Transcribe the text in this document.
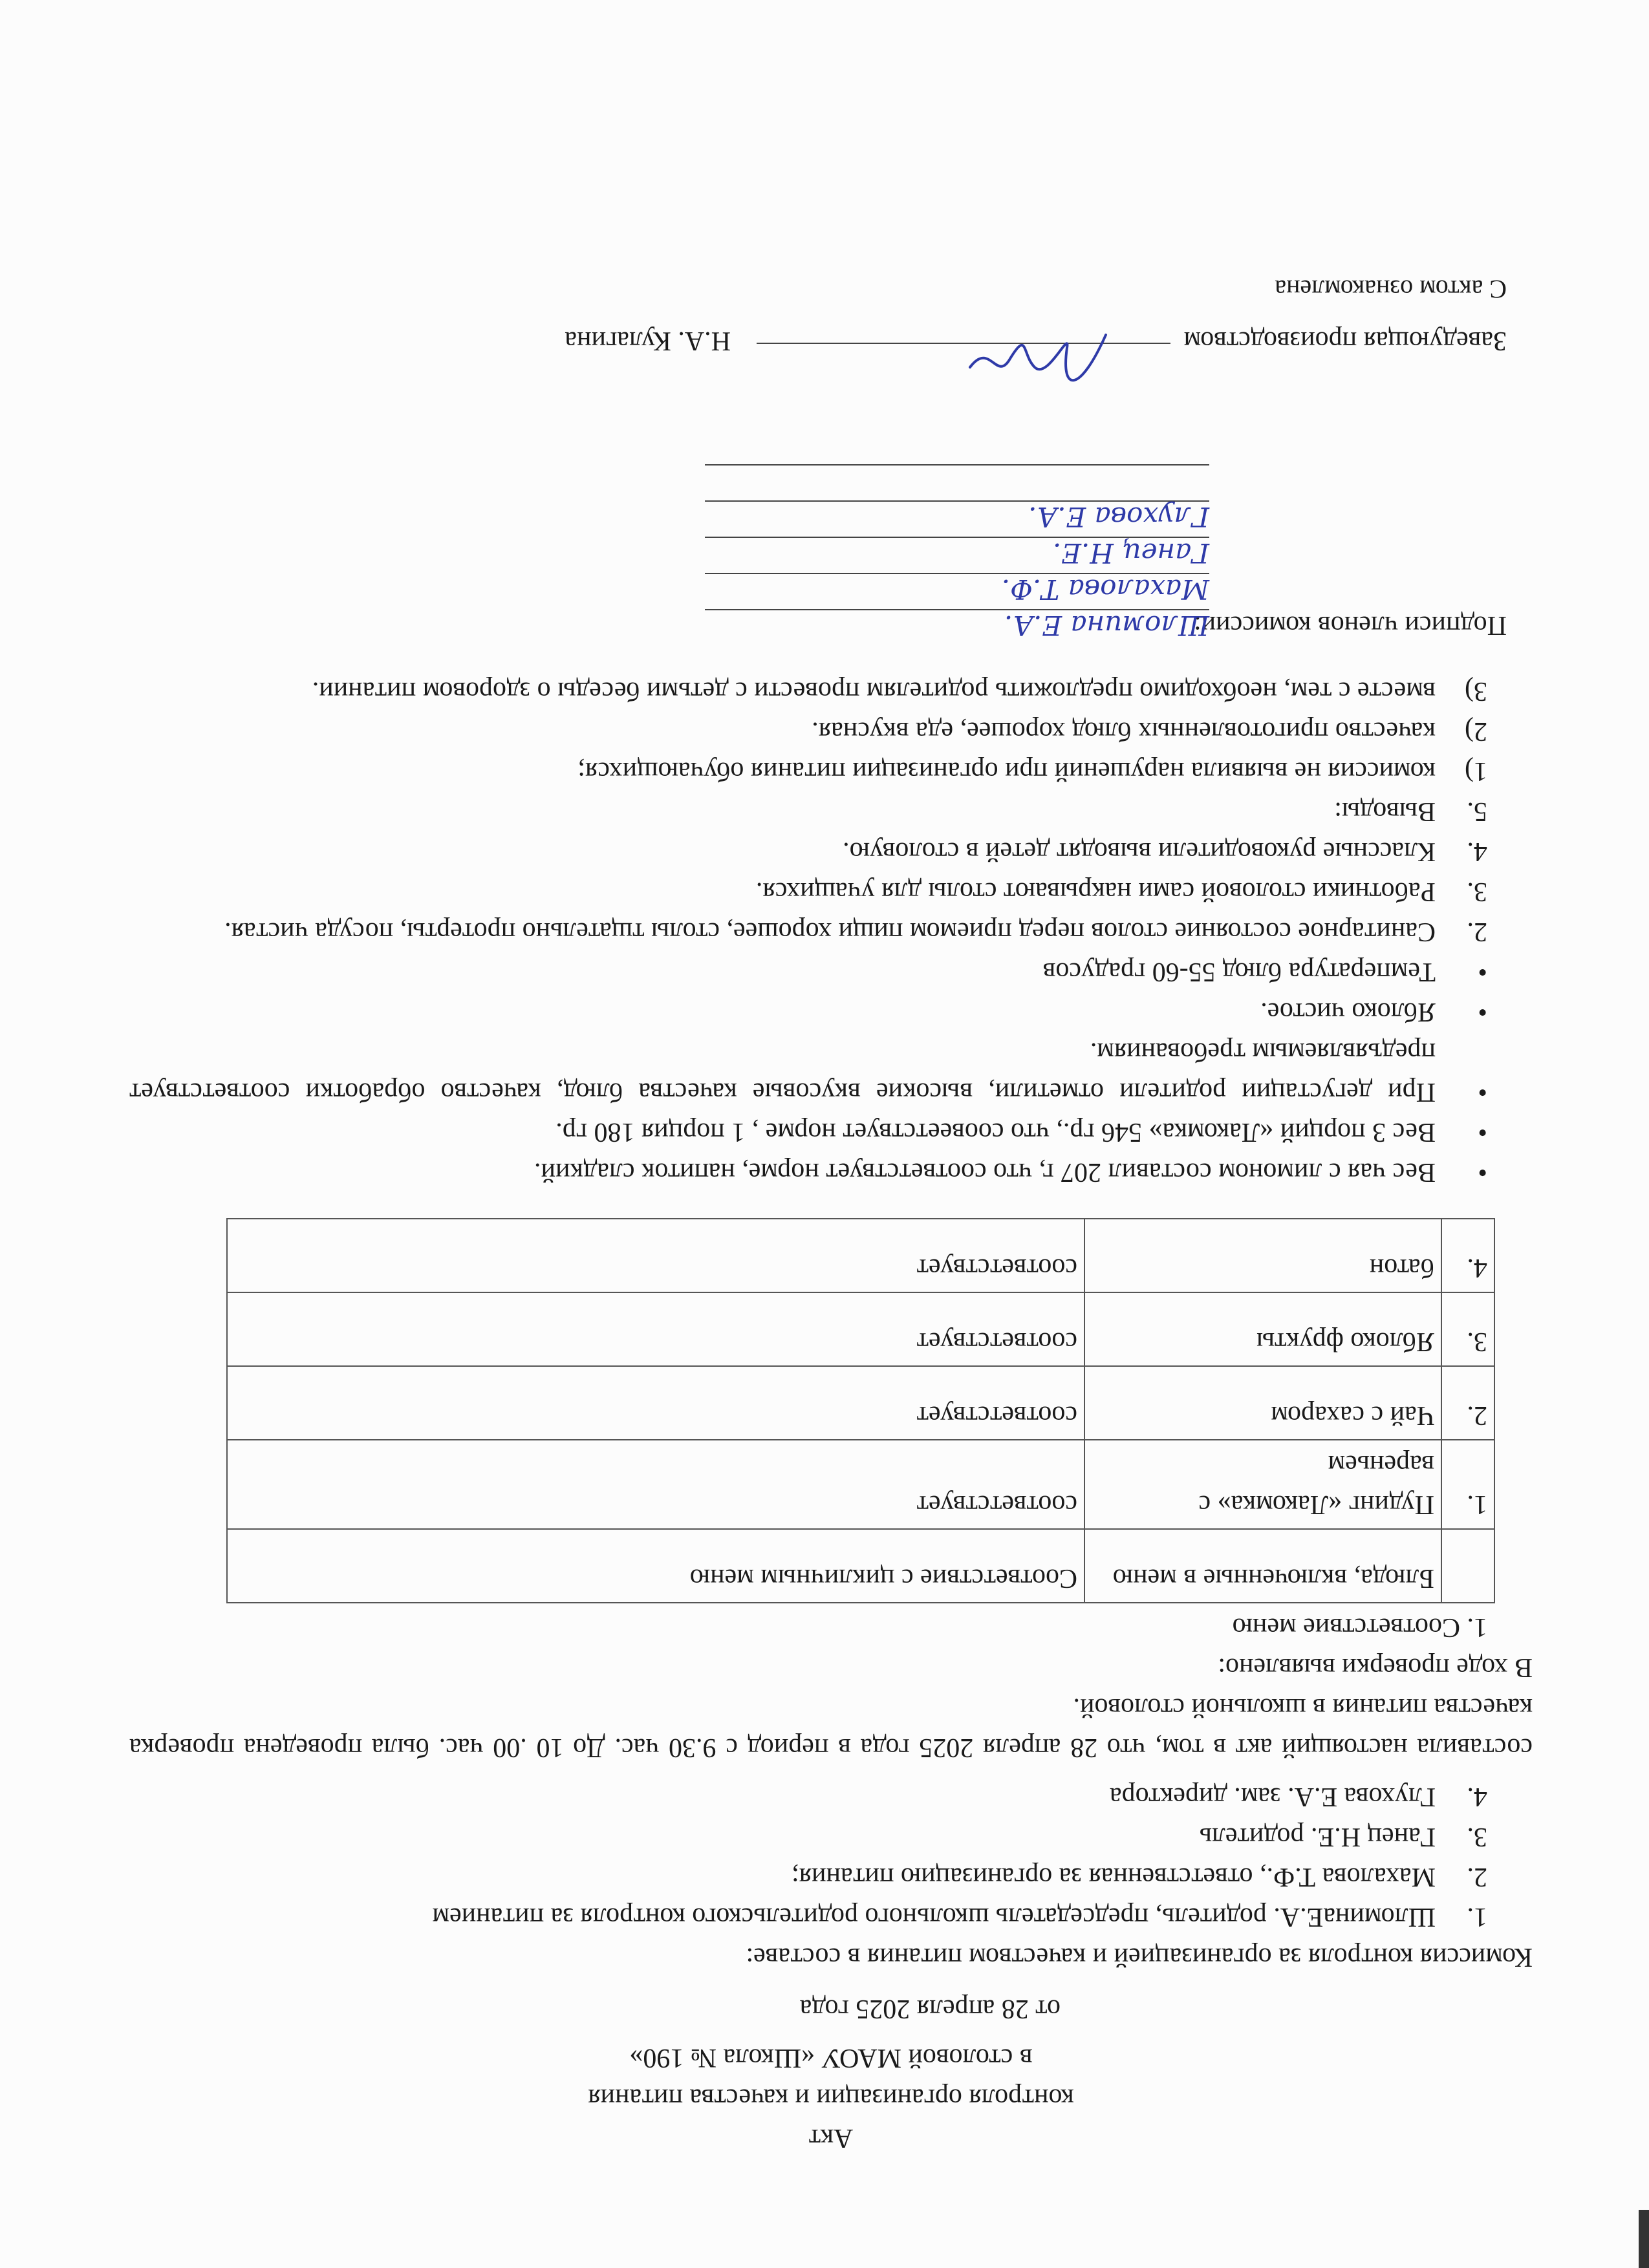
Акт

контроля организации и качества питания

в столовой МАОУ «Школа № 190»

от 28 апреля 2025 года

Комиссия контроля за организацией и качеством питания в составе:

1.
ШломинаЕ.А. родитель, председатель школьного родительского контроля за питанием
2.
Махалова Т.Ф., ответственная за организацию питания;
3.
Ганец Н.Е. родитель
4.
Глухова Е.А. зам. директора

составила настоящий акт в том, что 28 апреля 2025 года в период с 9.30 час. До 10 .00 час. была проведена проверка качества питания в школьной столовой.

В ходе проверки выявлено:

1. Соответствие меню

	Блюда, включенные в меню	Соответствие с цикличным меню
1.	Пудинг «Лакомка» с вареньем	соответствует
2.	Чай с сахаром	соответствует
3.	Яблоко фрукты	соответствует
4.	батон	соответствует
•
Вес чая с лимоном составил 207 г, что соответствует норме, напиток сладкий.
•
Вес 3 порций «Лакомка» 546 гр., что соовеетствует норме , 1 порция 180 гр.
•
При дегустации родители отметили, высокие вкусовые качества блюд, качество обработки соответствует предъявляемым требованиям.
•
Яблоко чистое.
•
Температура блюд 55-60 градусов
2.
Санитарное состояние столов перед приемом пищи хорошее, столы тщательно протерты, посуда чистая.
3.
Работники столовой сами накрывают столы для учащихся.
4.
Классные руководители выводят детей в столовую.
5.
Выводы:
1)
комиссия не выявила нарушений при организации питания обучающихся;
2)
качество приготовленных блюд хорошее, еда вкусная.
3)
вместе с тем, необходимо предложить родителям провести с детьми беседы о здоровом питании.

Подписи членов комиссии:

Шломина Е.А.
Махалова Т.Ф.
Ганец Н.Е.
Глухова Е.А.

Заведующая производством

Н.А. Кулагина

С актом ознакомлена
